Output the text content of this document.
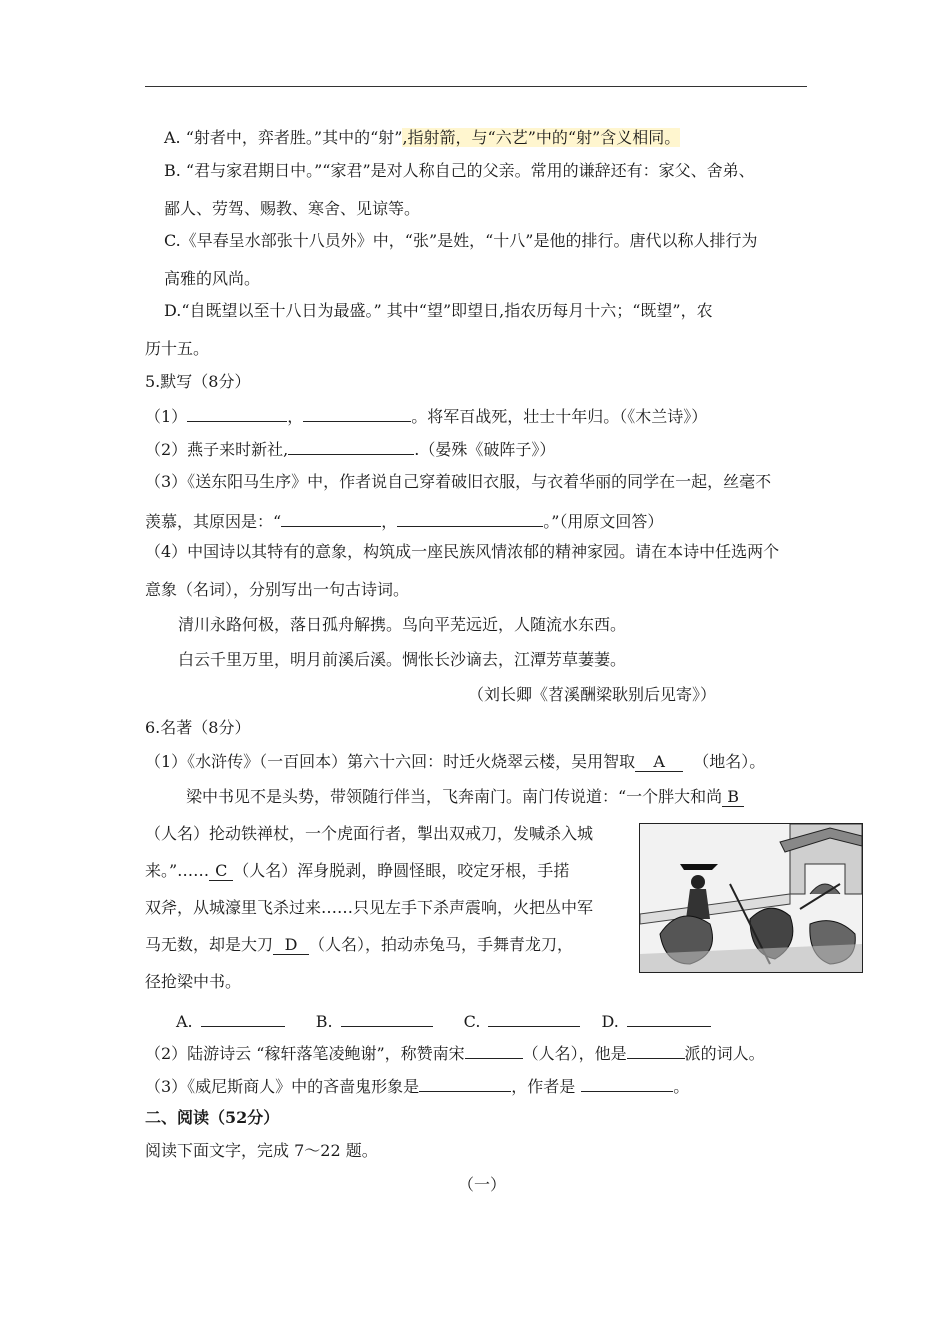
A. “射者中，弈者胜。”其中的“射”,指射箭，与“六艺”中的“射”含义相同。
B. “君与家君期日中。”“家君”是对人称自己的父亲。常用的谦辞还有：家父、舍弟、
鄙人、劳驾、赐教、寒舍、见谅等。
C.《早春呈水部张十八员外》中，“张”是姓，“十八”是他的排行。唐代以称人排行为
高雅的风尚。
D.“自既望以至十八日为最盛。” 其中“望”即望日,指农历每月十六；“既望”，农
历十五。
5.默写（8分）
（1）	，	。将军百战死，壮士十年归。（《木兰诗》）
（2）燕子来时新社,	.（晏殊《破阵子》）
（3）《送东阳马生序》中，作者说自己穿着破旧衣服，与衣着华丽的同学在一起，丝毫不
羡慕，其原因是：“	，	。”（用原文回答）
（4）中国诗以其特有的意象，构筑成一座民族风情浓郁的精神家园。请在本诗中任选两个
意象（名词），分别写出一句古诗词。
清川永路何极，落日孤舟解携。鸟向平芜远近，人随流水东西。
白云千里万里，明月前溪后溪。惆怅长沙谪去，江潭芳草萋萋。
（刘长卿《苕溪酬梁耿别后见寄》）
6.名著（8分）
（1）《水浒传》（一百回本）第六十六回：时迁火烧翠云楼，吴用智取 A （地名）。
梁中书见不是头势，带领随行伴当，飞奔南门。南门传说道：“一个胖大和尚 B
（人名）抡动铁禅杖，一个虎面行者，掣出双戒刀，发喊杀入城
来。”…… C （人名）浑身脱剥，睁圆怪眼，咬定牙根，手掿
双斧，从城濠里飞杀过来……只见左手下杀声震响，火把丛中军
马无数，却是大刀 D （人名），拍动赤兔马，手舞青龙刀，
径抢梁中书。
A.	B.	C.	D.
（2）陆游诗云 “稼轩落笔凌鲍谢”，称赞南宋	（人名），他是	派的词人。
（3）《威尼斯商人》中的吝啬鬼形象是	，作者是	。
二、阅读（52分）
阅读下面文字，完成 7～22 题。
（一）
